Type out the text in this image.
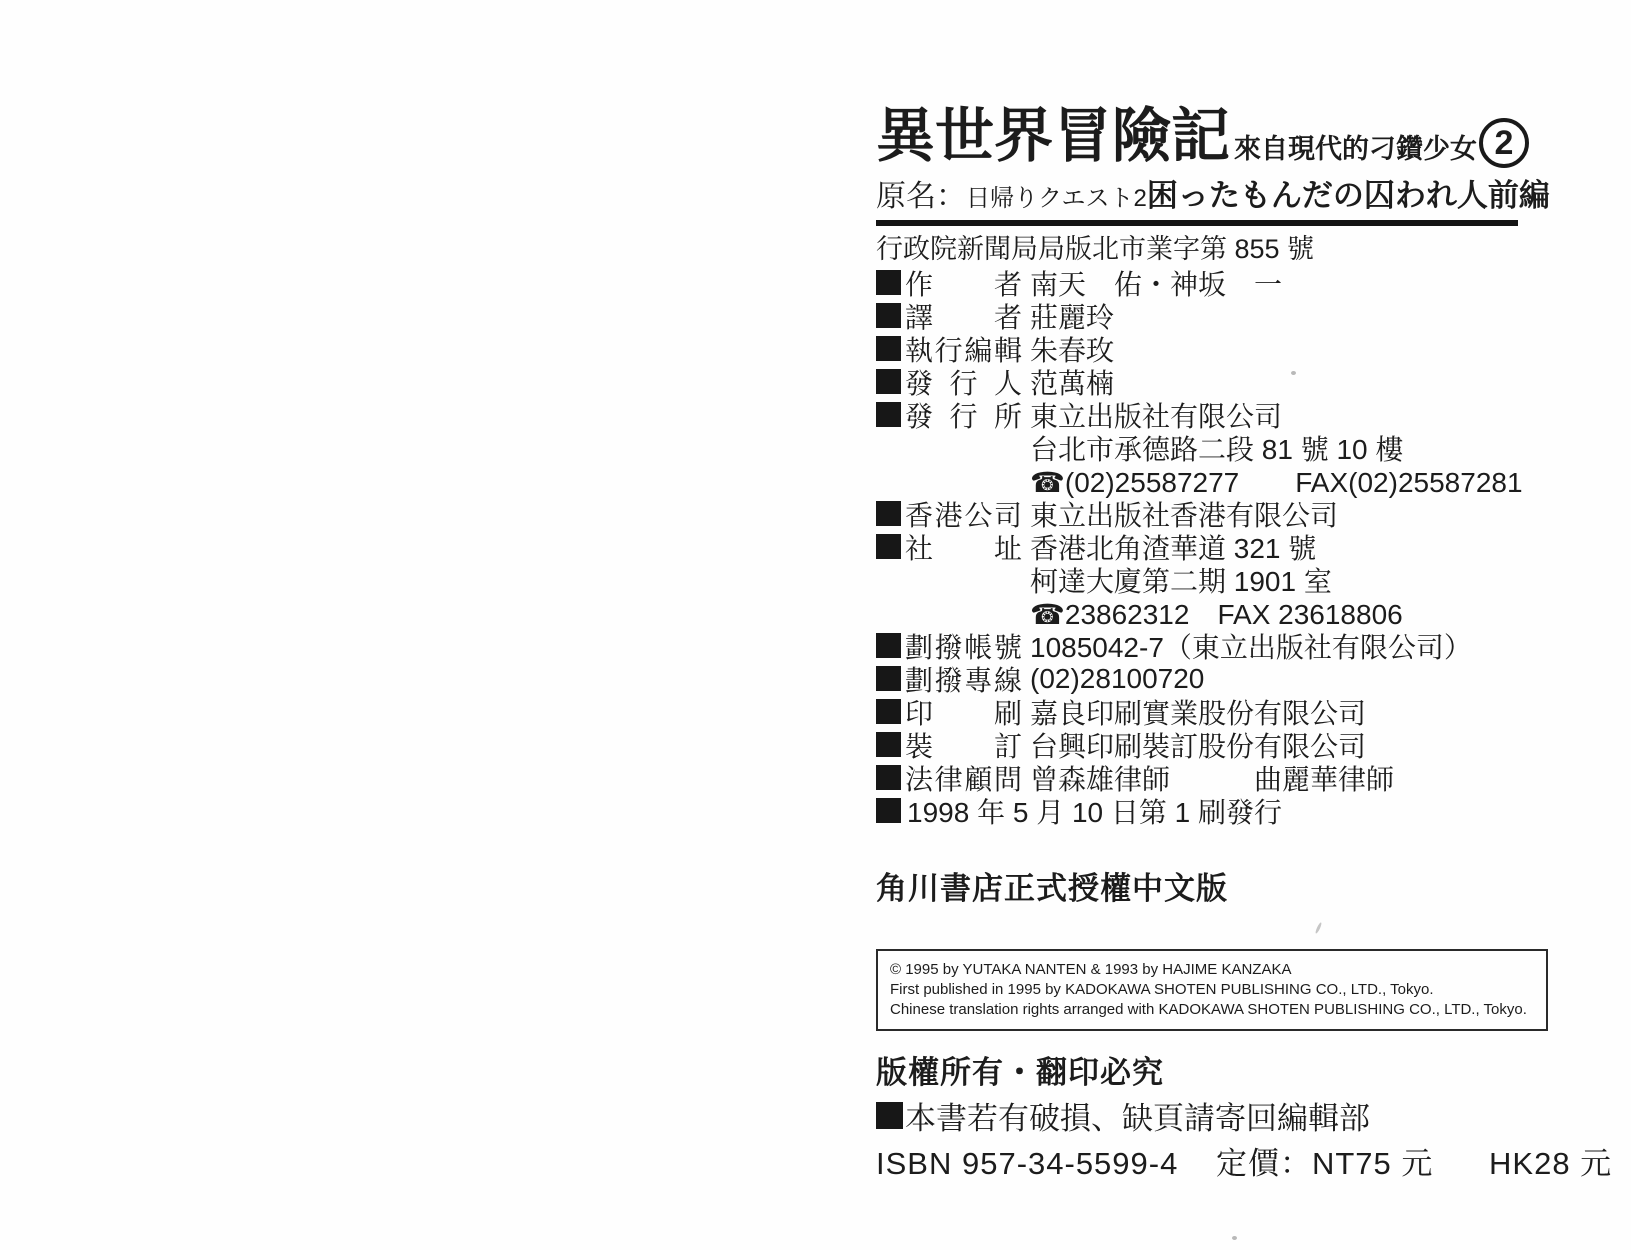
異世界冒險記 來自現代的刁鑽少女 2
原名：日帰りクエスト2困ったもんだの囚われ人前編
行政院新聞局局版北市業字第 855 號
作者 南天　佑・神坂　一
譯者 莊麗玲
執行編輯 朱春玫
發行人 范萬楠
發行所 東立出版社有限公司
台北市承德路二段 81 號 10 樓
☎(02)25587277　　FAX(02)25587281
香港公司 東立出版社香港有限公司
社址 香港北角渣華道 321 號
柯達大廈第二期 1901 室
☎23862312　FAX 23618806
劃撥帳號 1085042-7（東立出版社有限公司）
劃撥專線 (02)28100720
印刷 嘉良印刷實業股份有限公司
裝訂 台興印刷裝訂股份有限公司
法律顧問 曾森雄律師　　　曲麗華律師
1998 年 5 月 10 日第 1 刷發行
角川書店正式授權中文版
© 1995 by YUTAKA NANTEN & 1993 by HAJIME KANZAKA
First published in 1995 by KADOKAWA SHOTEN PUBLISHING CO., LTD., Tokyo.
Chinese translation rights arranged with KADOKAWA SHOTEN PUBLISHING CO., LTD., Tokyo.
版權所有・翻印必究
本書若有破損、缺頁請寄回編輯部
ISBN 957-34-5599-4 定價：NT75 元 HK28 元
